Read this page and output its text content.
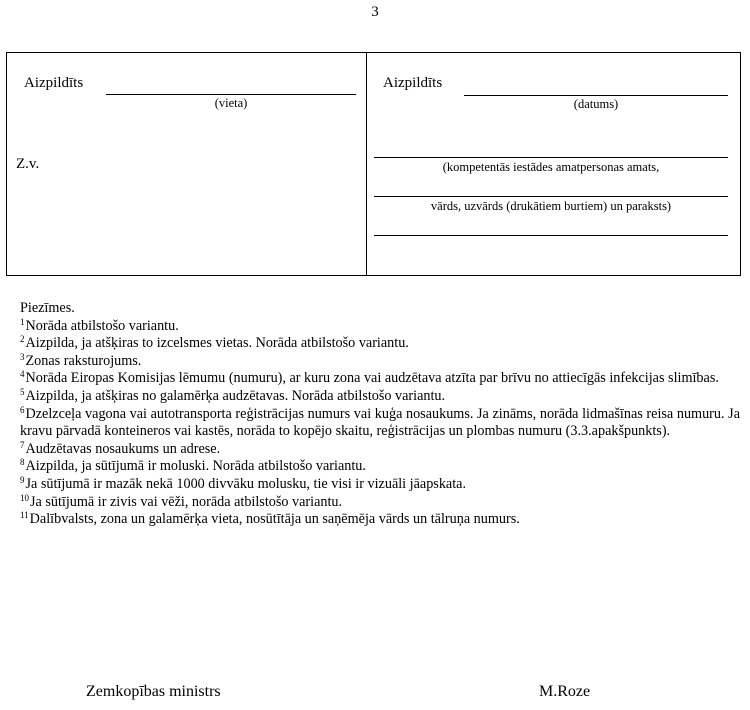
3
Aizpildīts
(vieta)
Z.v.
Aizpildīts
(datums)
(kompetentās iestādes amatpersonas amats,
vārds, uzvārds (drukātiem burtiem) un paraksts)

Piezīmes.

$^1$Norāda atbilstošo variantu.

$^2$Aizpilda, ja atšķiras to izcelsmes vietas. Norāda atbilstošo variantu.

$^3$Zonas raksturojums.

$^4$Norāda Eiropas Komisijas lēmumu (numuru), ar kuru zona vai audzētava atzīta par brīvu no attiecīgās infekcijas slimības.

$^5$Aizpilda, ja atšķiras no galamērķa audzētavas. Norāda atbilstošo variantu.

$^6$Dzelzceļa vagona vai autotransporta reģistrācijas numurs vai kuģa nosaukums. Ja zināms, norāda lidmašīnas reisa numuru. Ja kravu pārvadā konteineros vai kastēs, norāda to kopējo skaitu, reģistrācijas un plombas numuru (3.3.apakšpunkts).

$^7$Audzētavas nosaukums un adrese.

$^8$Aizpilda, ja sūtījumā ir moluski. Norāda atbilstošo variantu.

$^9$Ja sūtījumā ir mazāk nekā 1000 divvāku molusku, tie visi ir vizuāli jāapskata.

$^{10}$Ja sūtījumā ir zivis vai vēži, norāda atbilstošo variantu.

$^{11}$Dalībvalsts, zona un galamērķa vieta, nosūtītāja un saņēmēja vārds un tālruņa numurs.

Zemkopības ministrs	M.Roze
